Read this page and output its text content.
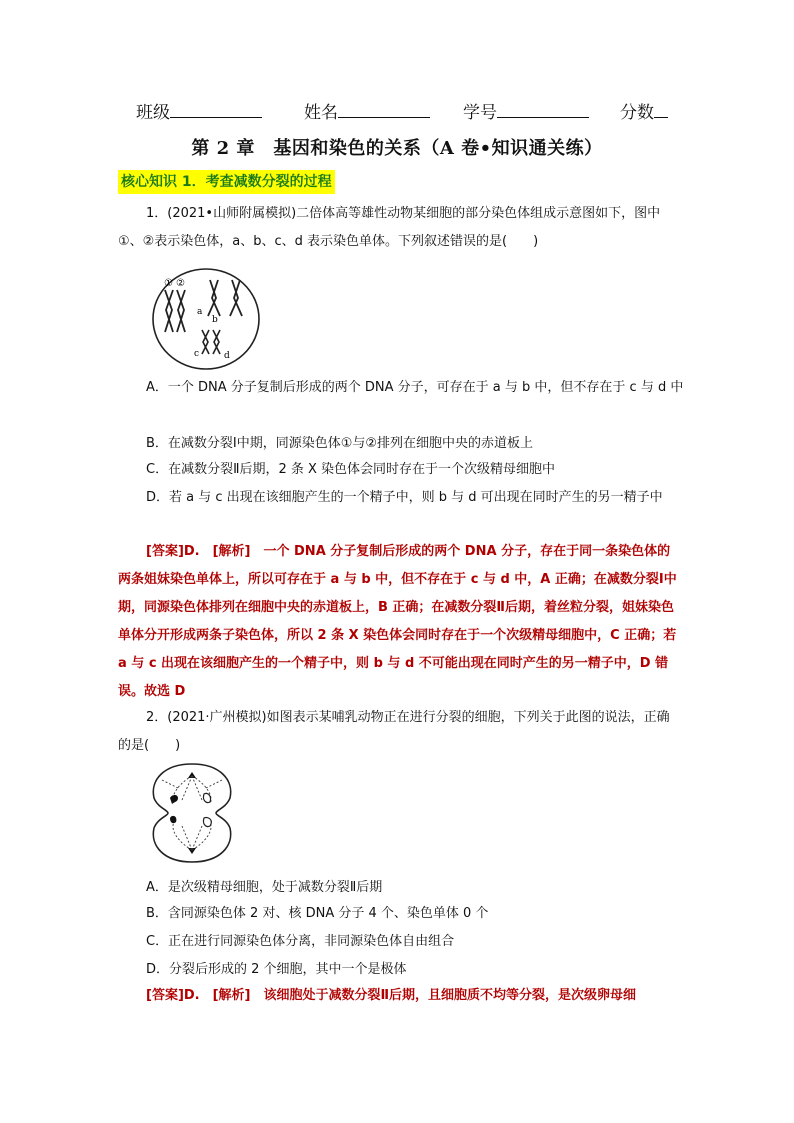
班级	姓名	学号	分数
第 2 章　基因和染色的关系（A 卷•知识通关练）
核心知识 1．考查减数分裂的过程
1．(2021•山师附属模拟)二倍体高等雄性动物某细胞的部分染色体组成示意图如下，图中①、②表示染色体，a、b、c、d 表示染色单体。下列叙述错误的是(　　)
① ②
a
b
c	d
A．一个 DNA 分子复制后形成的两个 DNA 分子，可存在于 a 与 b 中，但不存在于 c 与 d 中
B．在减数分裂Ⅰ中期，同源染色体①与②排列在细胞中央的赤道板上
C．在减数分裂Ⅱ后期，2 条 X 染色体会同时存在于一个次级精母细胞中
D．若 a 与 c 出现在该细胞产生的一个精子中，则 b 与 d 可出现在同时产生的另一精子中
[答案]D.　[解析]　一个 DNA 分子复制后形成的两个 DNA 分子，存在于同一条染色体的两条姐妹染色单体上，所以可存在于 a 与 b 中，但不存在于 c 与 d 中，A 正确；在减数分裂Ⅰ中期，同源染色体排列在细胞中央的赤道板上，B 正确；在减数分裂Ⅱ后期，着丝粒分裂，姐妹染色单体分开形成两条子染色体，所以 2 条 X 染色体会同时存在于一个次级精母细胞中，C 正确；若 a 与 c 出现在该细胞产生的一个精子中，则 b 与 d 不可能出现在同时产生的另一精子中，D 错误。故选 D
2．(2021·广州模拟)如图表示某哺乳动物正在进行分裂的细胞，下列关于此图的说法，正确的是(　　)
A．是次级精母细胞，处于减数分裂Ⅱ后期
B．含同源染色体 2 对、核 DNA 分子 4 个、染色单体 0 个
C．正在进行同源染色体分离，非同源染色体自由组合
D．分裂后形成的 2 个细胞，其中一个是极体
[答案]D.　[解析]　该细胞处于减数分裂Ⅱ后期，且细胞质不均等分裂，是次级卵母细
